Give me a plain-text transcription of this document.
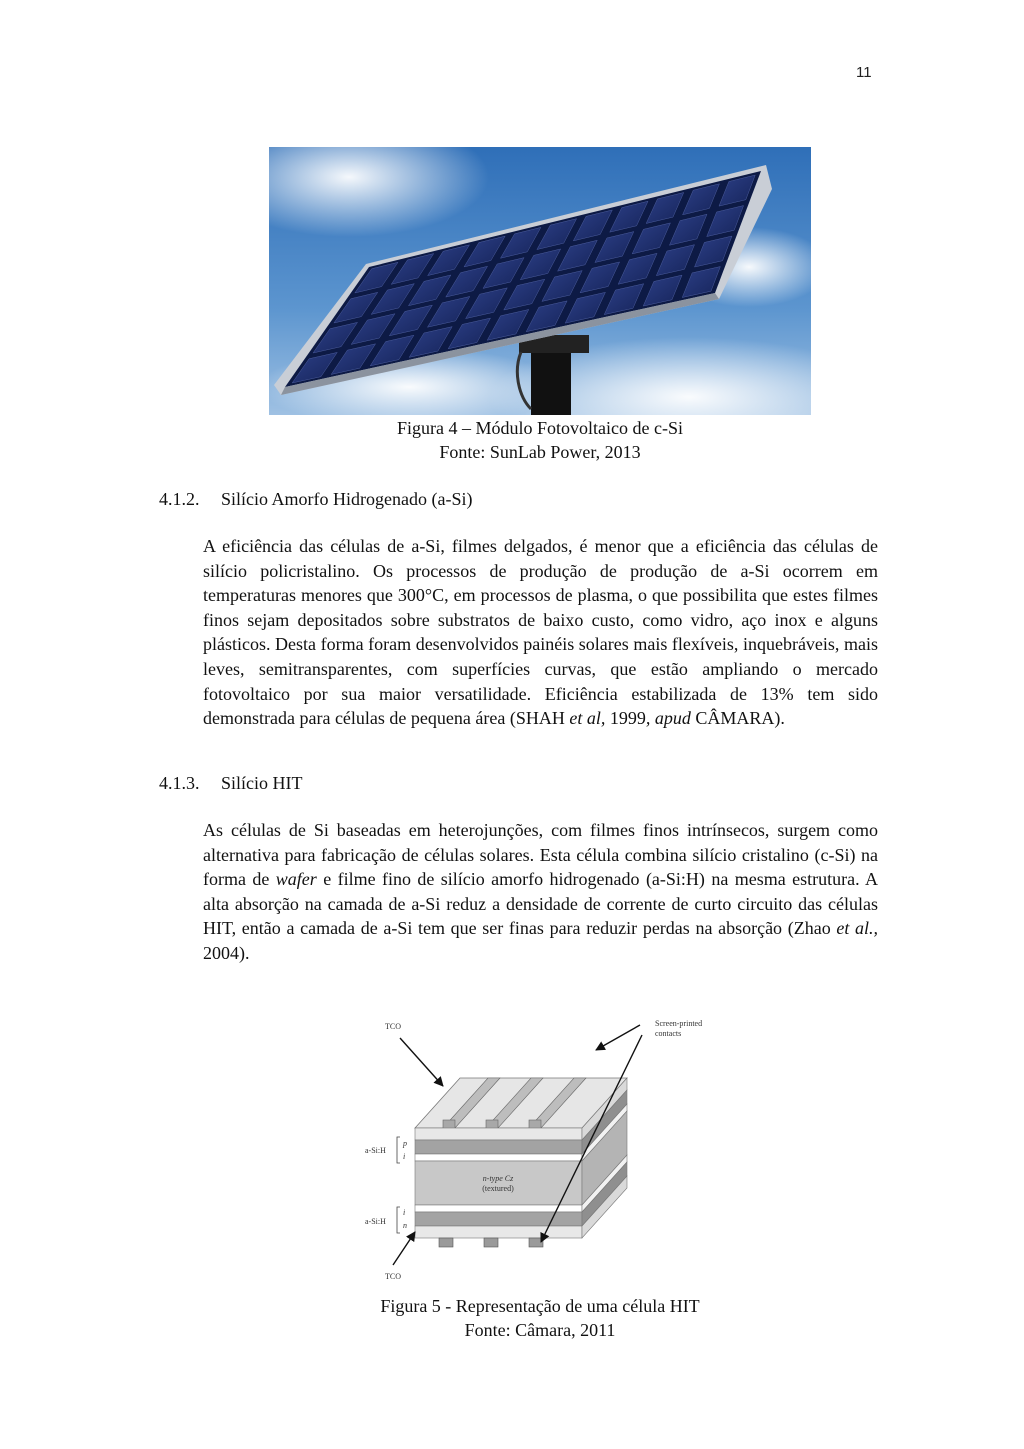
11
Figura 4 – Módulo Fotovoltaico de c-Si
Fonte: SunLab Power, 2013
4.1.2. Silício Amorfo Hidrogenado (a-Si)
A eficiência das células de a-Si, filmes delgados, é menor que a eficiência das células de silício policristalino. Os processos de produção de produção de a-Si ocorrem em temperaturas menores que 300°C, em processos de plasma, o que possibilita que estes filmes finos sejam depositados sobre substratos de baixo custo, como vidro, aço inox e alguns plásticos. Desta forma foram desenvolvidos painéis solares mais flexíveis, inquebráveis, mais leves, semitransparentes, com superfícies curvas, que estão ampliando o mercado fotovoltaico por sua maior versatilidade. Eficiência estabilizada de 13% tem sido demonstrada para células de pequena área (SHAH et al, 1999, apud CÂMARA).
4.1.3. Silício HIT
As células de Si baseadas em heterojunções, com filmes finos intrínsecos, surgem como alternativa para fabricação de células solares. Esta célula combina silício cristalino (c-Si) na forma de wafer e filme fino de silício amorfo hidrogenado (a-Si:H) na mesma estrutura. A alta absorção na camada de a-Si reduz a densidade de corrente de curto circuito das células HIT, então a camada de a-Si tem que ser finas para reduzir perdas na absorção (Zhao et al., 2004).
TCO	Screen-printed
contacts
a-Si:H
p
i
n-type Cz
(textured)
a-Si:H
i
n
TCO
Figura 5 - Representação de uma célula HIT
Fonte: Câmara, 2011
